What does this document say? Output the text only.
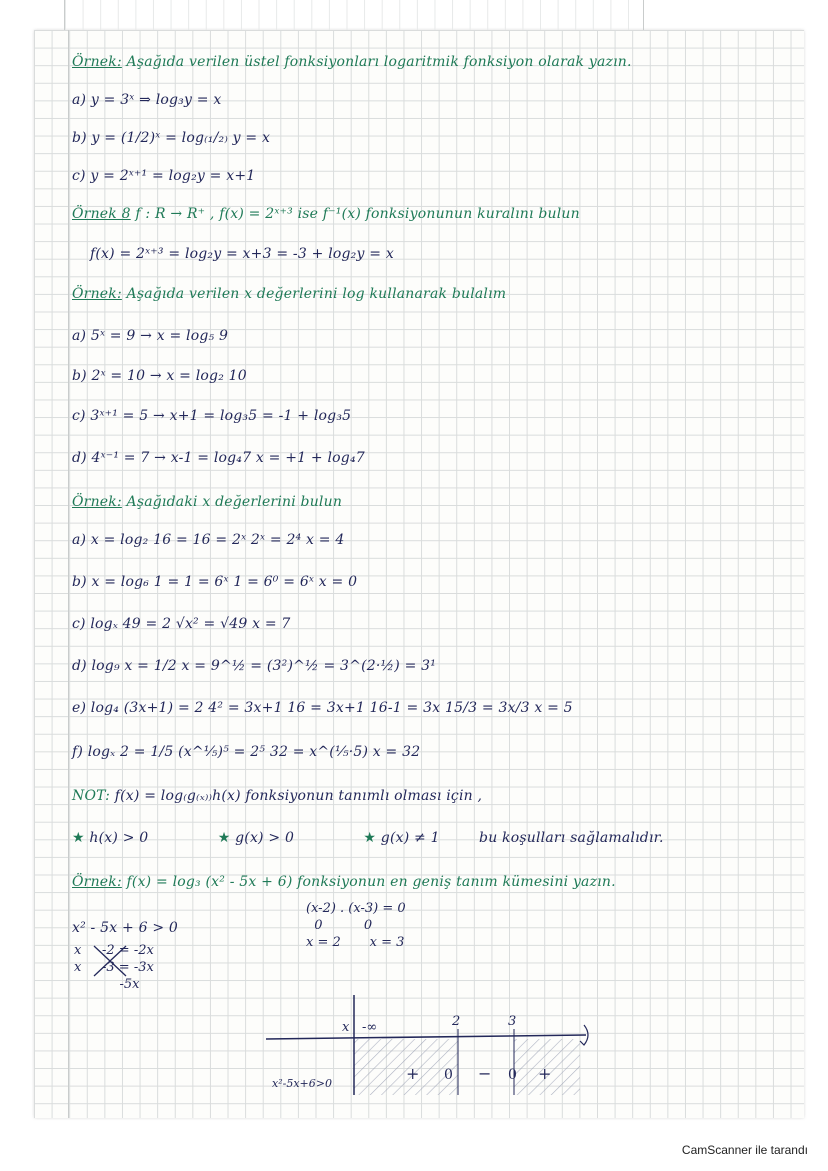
Örnek: Aşağıda verilen üstel fonksiyonları logaritmik fonksiyon olarak yazın.
a) y = 3ˣ ⇒ log₃y = x
b) y = (1/2)ˣ = log₍₁/₂₎ y = x
c) y = 2ˣ⁺¹ = log₂y = x+1
Örnek 8 f : R → R⁺ , f(x) = 2ˣ⁺³ ise f⁻¹(x) fonksiyonunun kuralını bulun
f(x) = 2ˣ⁺³ = log₂y = x+3 = -3 + log₂y = x
Örnek: Aşağıda verilen x değerlerini log kullanarak bulalım
a) 5ˣ = 9 → x = log₅ 9
b) 2ˣ = 10 → x = log₂ 10
c) 3ˣ⁺¹ = 5 → x+1 = log₃5 = -1 + log₃5
d) 4ˣ⁻¹ = 7 → x-1 = log₄7 x = +1 + log₄7
Örnek: Aşağıdaki x değerlerini bulun
a) x = log₂ 16 = 16 = 2ˣ 2ˣ = 2⁴ x = 4
b) x = log₆ 1 = 1 = 6ˣ 1 = 6⁰ = 6ˣ x = 0
c) logₓ 49 = 2 √x² = √49 x = 7
d) log₉ x = 1/2 x = 9^½ = (3²)^½ = 3^(2·½) = 3¹
e) log₄ (3x+1) = 2 4² = 3x+1 16 = 3x+1 16-1 = 3x 15/3 = 3x/3 x = 5
f) logₓ 2 = 1/5 (x^⅕)⁵ = 2⁵ 32 = x^(⅕·5) x = 32
NOT: f(x) = log₍g₍ₓ₎₎h(x) fonksiyonun tanımlı olması için ,
★ h(x) > 0	★ g(x) > 0	★ g(x) ≠ 1	bu koşulları sağlamalıdır.
Örnek: f(x) = log₃ (x² - 5x + 6) fonksiyonun en geniş tanım kümesini yazın.
x² - 5x + 6 > 0
x     -2 = -2x
x     -3 = -3x
-5x
(x-2) . (x-3) = 0
0          0
x = 2       x = 3
x -∞	2	3
x²-5x+6>0
+ 0 − 0 +
CamScanner ile tarandı
